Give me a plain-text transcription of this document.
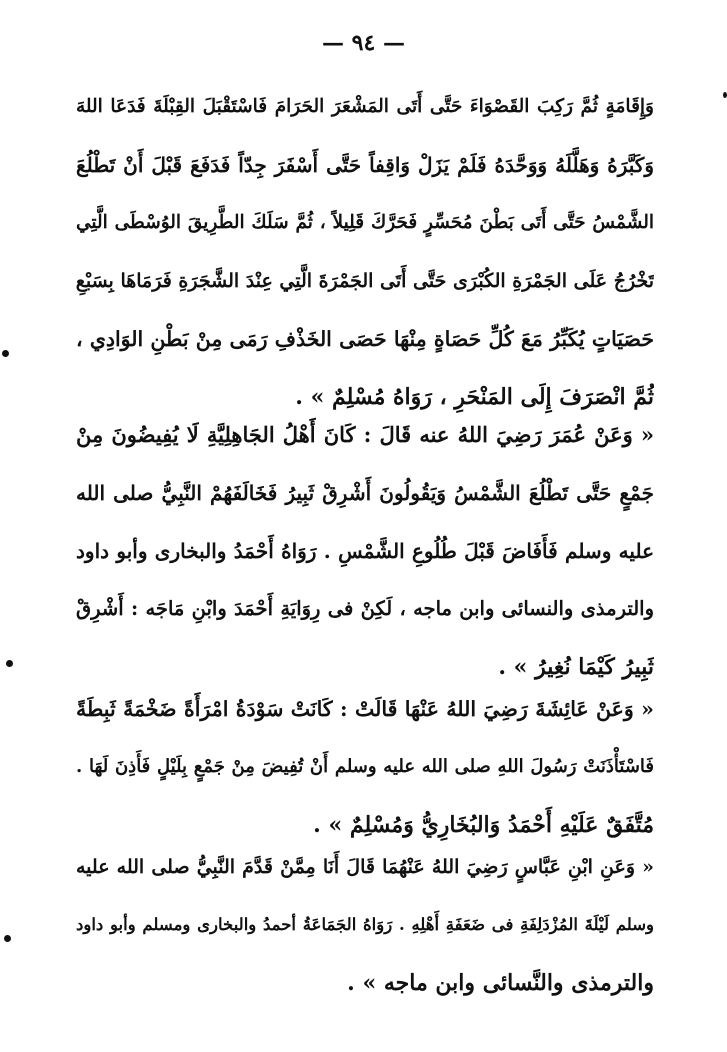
— ٩٤ —
وَإِقَامَةٍ ثُمَّ رَكِبَ القَصْوَاءَ حَتَّى أَتَى المَشْعَرَ الحَرَامَ فَاسْتَقْبَلَ القِبْلَةَ فَدَعَا اللهَ
وَكَبَّرَهُ وَهَلَّلَهُ وَوَحَّدَهُ فَلَمْ يَزَلْ وَاقِفاً حَتَّى أَسْفَرَ جِدّاً فَدَفَعَ قَبْلَ أَنْ تَطْلُعَ
الشَّمْسُ حَتَّى أَتَى بَطْنَ مُحَسِّرٍ فَحَرَّكَ قَلِيلاً ، ثُمَّ سَلَكَ الطَّرِيقَ الوُسْطَى الَّتِي
تَخْرُجُ عَلَى الجَمْرَةِ الكُبْرَى حَتَّى أَتَى الجَمْرَةَ الَّتِي عِنْدَ الشَّجَرَةِ فَرَمَاهَا بِسَبْعِ
حَصَيَاتٍ يُكَبِّرُ مَعَ كُلِّ حَصَاةٍ مِنْهَا حَصَى الخَذْفِ رَمَى مِنْ بَطْنِ الوَادِي ،
ثُمَّ انْصَرَفَ إِلَى المَنْحَرِ ، رَوَاهُ مُسْلِمٌ » .
« وَعَنْ عُمَرَ رَضِيَ اللهُ عنه قَالَ : كَانَ أَهْلُ الجَاهِلِيَّةِ لَا يُفِيضُونَ مِنْ
جَمْعٍ حَتَّى تَطْلُعَ الشَّمْسُ وَيَقُولُونَ أَشْرِقْ ثَبِيرُ فَخَالَفَهُمْ النَّبِيُّ صلى الله
عليه وسلم فَأَفَاضَ قَبْلَ طُلُوعِ الشَّمْسِ . رَوَاهُ أَحْمَدُ والبخارى وأبو داود
والترمذى والنسائى وابن ماجه ، لَكِنْ فى رِوَايَةِ أَحْمَدَ وابْنِ مَاجَه : أَشْرِقْ
ثَبِيرُ كَيْمَا نُغِيرُ » .
« وَعَنْ عَائِشَةَ رَضِيَ اللهُ عَنْهَا قَالَتْ : كَانَتْ سَوْدَةُ امْرَأَةً ضَخْمَةً ثَبِطَةً
فَاسْتَأْذَنَتْ رَسُولَ اللهِ صلى الله عليه وسلم أَنْ تُفِيضَ مِنْ جَمْعٍ بِلَيْلٍ فَأَذِنَ لَهَا .
مُتَّفَقٌ عَلَيْهِ أَحْمَدُ وَالبُخَارِيُّ وَمُسْلِمٌ » .
« وَعَنِ ابْنِ عَبَّاسٍ رَضِيَ اللهُ عَنْهُمَا قَالَ أَنَا مِمَّنْ قَدَّمَ النَّبِيُّ صلى الله عليه
وسلم لَيْلَةَ المُزْدَلِفَةِ فى ضَعَفَةِ أَهْلِهِ . رَوَاهُ الجَمَاعَةُ أحمدُ والبخارى ومسلم وأبو داود
والترمذى والنَّسائى وابن ماجه » .
